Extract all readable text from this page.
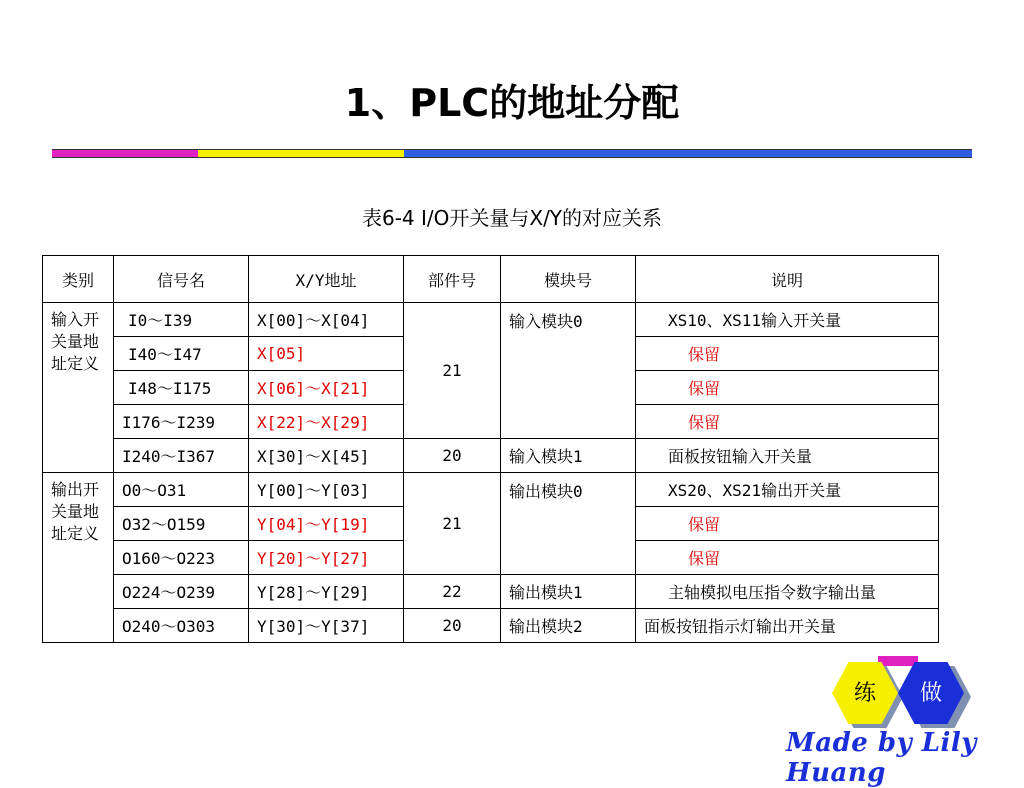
1、PLC的地址分配
表6-4 I/O开关量与X/Y的对应关系
类别	信号名	X/Y地址	部件号	模块号	说明
输入开关量地址定义	I0～I39	X[00]～X[04]	21	输入模块0	XS10、XS11输入开关量
	I40～I47	X[05]			保留
	I48～I175	X[06]～X[21]			保留
	I176～I239	X[22]～X[29]			保留
	I240～I367	X[30]～X[45]	20	输入模块1	面板按钮输入开关量
输出开关量地址定义	O0～O31	Y[00]～Y[03]	21	输出模块0	XS20、XS21输出开关量
	O32～O159	Y[04]～Y[19]			保留
	O160～O223	Y[20]～Y[27]			保留
	O224～O239	Y[28]～Y[29]	22	输出模块1	主轴模拟电压指令数字输出量
	O240～O303	Y[30]～Y[37]	20	输出模块2	面板按钮指示灯输出开关量
练	做
Made by Lily Huang
